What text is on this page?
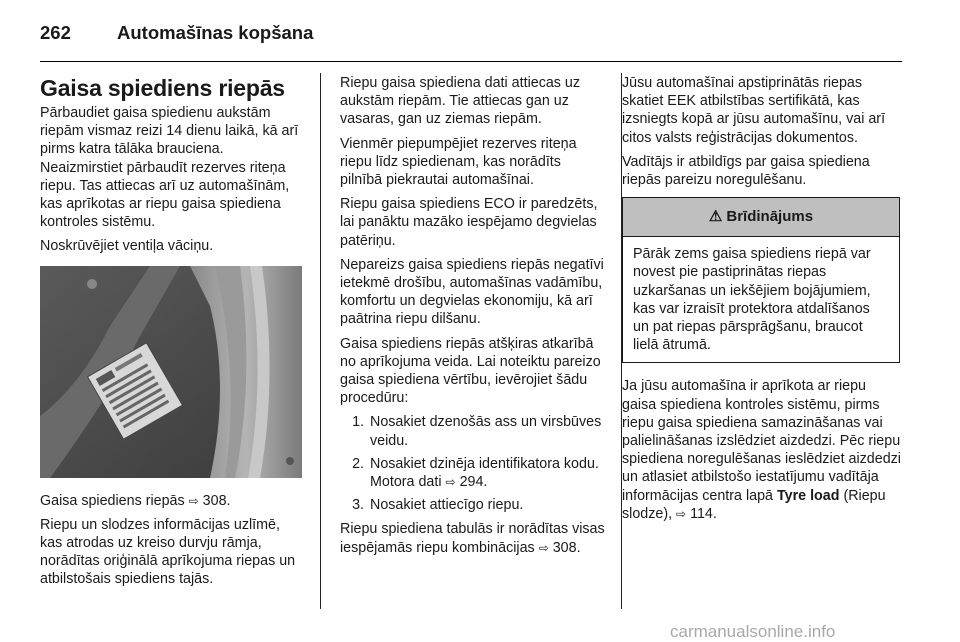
262 Automašīnas kopšana
Gaisa spiediens riepās

Pārbaudiet gaisa spiedienu aukstām riepām vismaz reizi 14 dienu laikā, kā arī pirms katra tālāka brauciena. Neaizmirstiet pārbaudīt rezerves riteņa riepu. Tas attiecas arī uz automašīnām, kas aprīkotas ar riepu gaisa spiediena kontroles sistēmu.

Noskrūvējiet ventiļa vāciņu.

Gaisa spiediens riepās ⇨ 308.

Riepu un slodzes informācijas uzlīmē, kas atrodas uz kreiso durvju rāmja, norādītas oriģinālā aprīkojuma riepas un atbilstošais spiediens tajās.

Riepu gaisa spiediena dati attiecas uz aukstām riepām. Tie attiecas gan uz vasaras, gan uz ziemas riepām.

Vienmēr piepumpējiet rezerves riteņa riepu līdz spiedienam, kas norādīts pilnībā piekrautai automašīnai.

Riepu gaisa spiediens ECO ir paredzēts, lai panāktu mazāko iespējamo degvielas patēriņu.

Nepareizs gaisa spiediens riepās negatīvi ietekmē drošību, automašīnas vadāmību, komfortu un degvielas ekonomiju, kā arī paātrina riepu dilšanu.

Gaisa spiediens riepās atšķiras atkarībā no aprīkojuma veida. Lai noteiktu pareizo gaisa spiediena vērtību, ievērojiet šādu procedūru:

1. Nosakiet dzenošās ass un virsbūves veidu.
2. Nosakiet dzinēja identifikatora kodu. Motora dati ⇨ 294.
3. Nosakiet attiecīgo riepu.

Riepu spiediena tabulās ir norādītas visas iespējamās riepu kombinācijas ⇨ 308.

Jūsu automašīnai apstiprinātās riepas skatiet EEK atbilstības sertifikātā, kas izsniegts kopā ar jūsu automašīnu, vai arī citos valsts reģistrācijas dokumentos.

Vadītājs ir atbildīgs par gaisa spiediena riepās pareizu noregulēšanu.

⚠ Brīdinājums
Pārāk zems gaisa spiediens riepā var novest pie pastiprinātas riepas uzkaršanas un iekšējiem bojājumiem, kas var izraisīt protektora atdalīšanos un pat riepas pārsprāgšanu, braucot lielā ātrumā.

Ja jūsu automašīna ir aprīkota ar riepu gaisa spiediena kontroles sistēmu, pirms riepu gaisa spiediena samazināšanas vai palielināšanas izslēdziet aizdedzi. Pēc riepu spiediena noregulēšanas ieslēdziet aizdedzi un atlasiet atbilstošo iestatījumu vadītāja informācijas centra lapā Tyre load (Riepu slodze), ⇨ 114.

carmanualsonline.info
